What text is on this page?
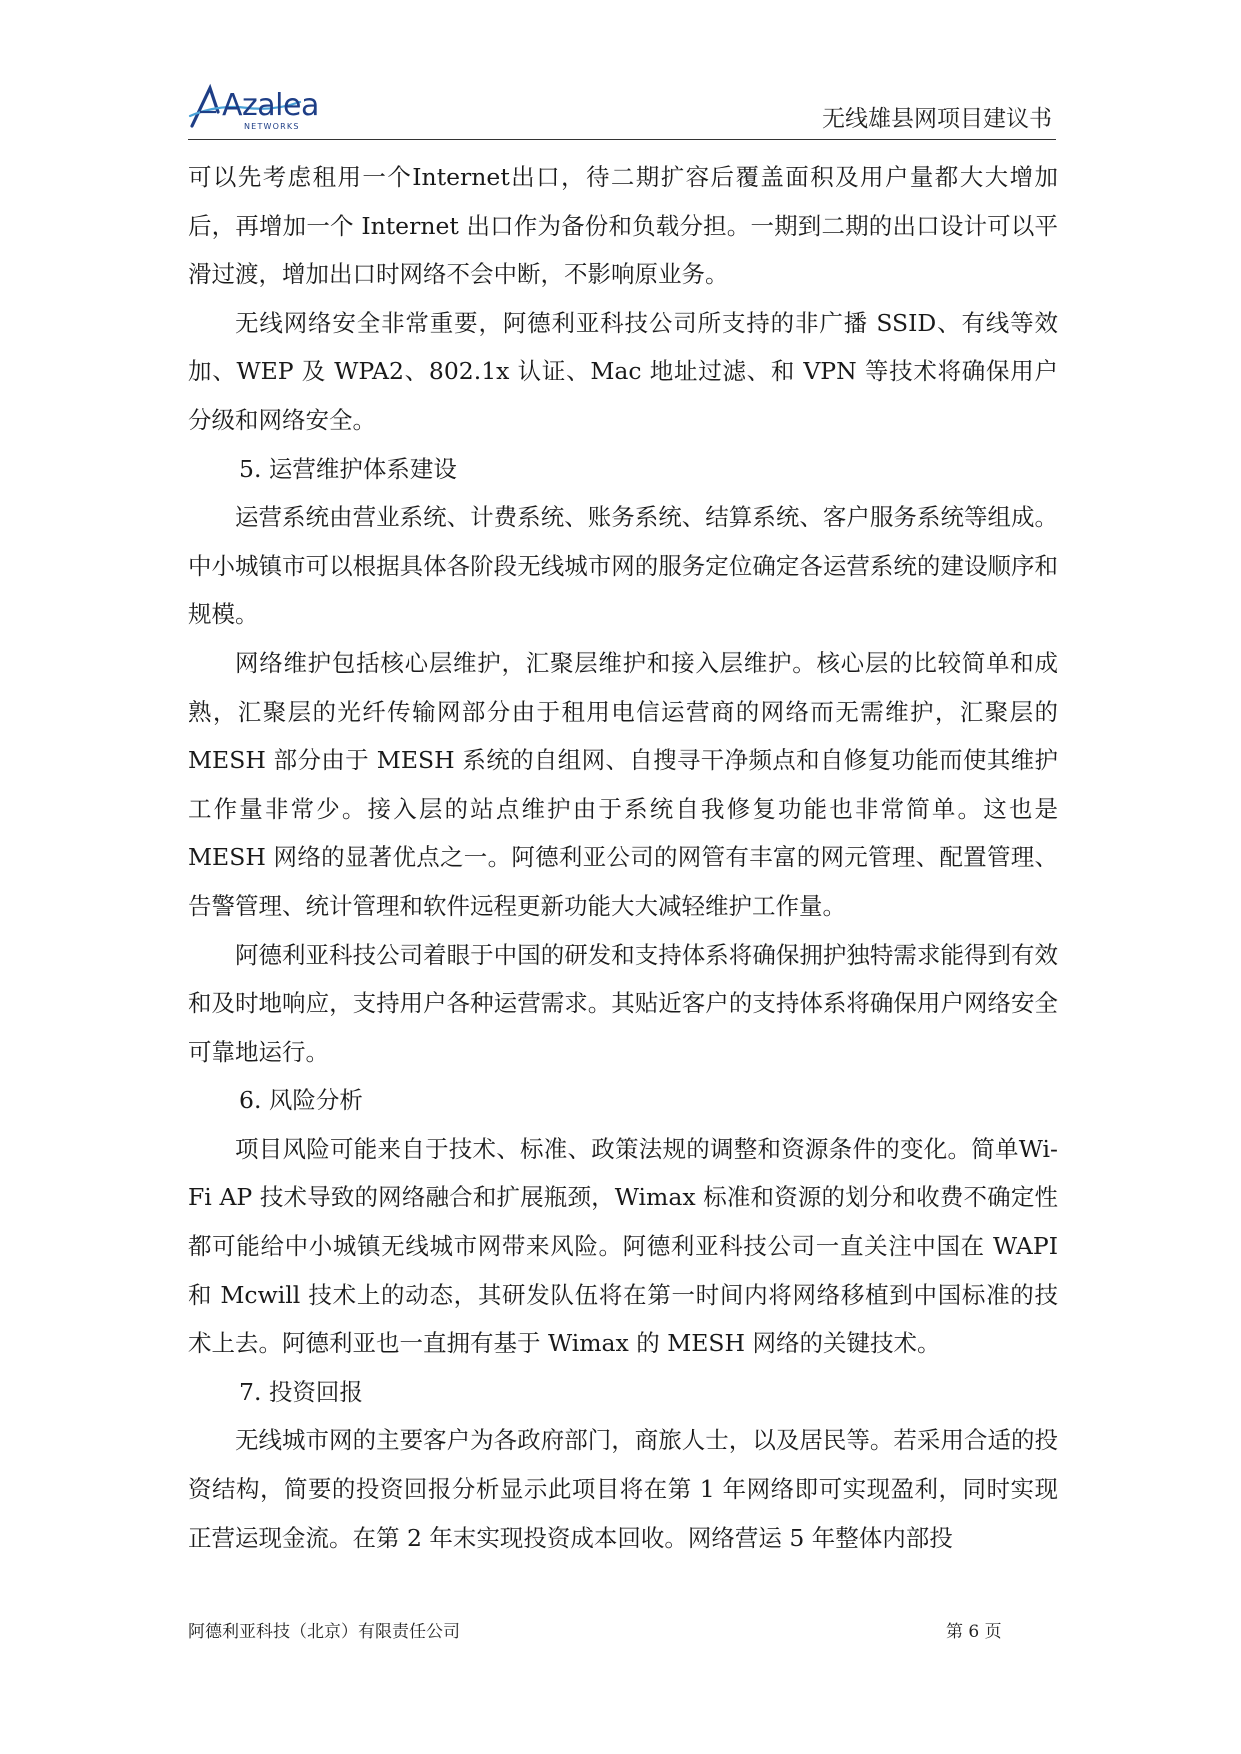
Azalea
NETWORKS	无线雄县网项目建议书

可以先考虑租用一个Internet出口，待二期扩容后覆盖面积及用户量都大大增加后，再增加一个 Internet 出口作为备份和负载分担。一期到二期的出口设计可以平滑过渡，增加出口时网络不会中断，不影响原业务。

无线网络安全非常重要，阿德利亚科技公司所支持的非广播 SSID、有线等效加、WEP 及 WPA2、802.1x 认证、Mac 地址过滤、和 VPN 等技术将确保用户分级和网络安全。

5. 运营维护体系建设

运营系统由营业系统、计费系统、账务系统、结算系统、客户服务系统等组成。中小城镇市可以根据具体各阶段无线城市网的服务定位确定各运营系统的建设顺序和规模。

网络维护包括核心层维护，汇聚层维护和接入层维护。核心层的比较简单和成熟，汇聚层的光纤传输网部分由于租用电信运营商的网络而无需维护，汇聚层的 MESH 部分由于 MESH 系统的自组网、自搜寻干净频点和自修复功能而使其维护工作量非常少。接入层的站点维护由于系统自我修复功能也非常简单。这也是 MESH 网络的显著优点之一。阿德利亚公司的网管有丰富的网元管理、配置管理、告警管理、统计管理和软件远程更新功能大大减轻维护工作量。

阿德利亚科技公司着眼于中国的研发和支持体系将确保拥护独特需求能得到有效和及时地响应，支持用户各种运营需求。其贴近客户的支持体系将确保用户网络安全可靠地运行。

6. 风险分析

项目风险可能来自于技术、标准、政策法规的调整和资源条件的变化。简单Wi-Fi AP 技术导致的网络融合和扩展瓶颈，Wimax 标准和资源的划分和收费不确定性都可能给中小城镇无线城市网带来风险。阿德利亚科技公司一直关注中国在 WAPI 和 Mcwill 技术上的动态，其研发队伍将在第一时间内将网络移植到中国标准的技术上去。阿德利亚也一直拥有基于 Wimax 的 MESH 网络的关键技术。

7. 投资回报

无线城市网的主要客户为各政府部门，商旅人士，以及居民等。若采用合适的投资结构，简要的投资回报分析显示此项目将在第 1 年网络即可实现盈利，同时实现正营运现金流。在第 2 年末实现投资成本回收。网络营运 5 年整体内部投

阿德利亚科技（北京）有限责任公司	第 6 页
